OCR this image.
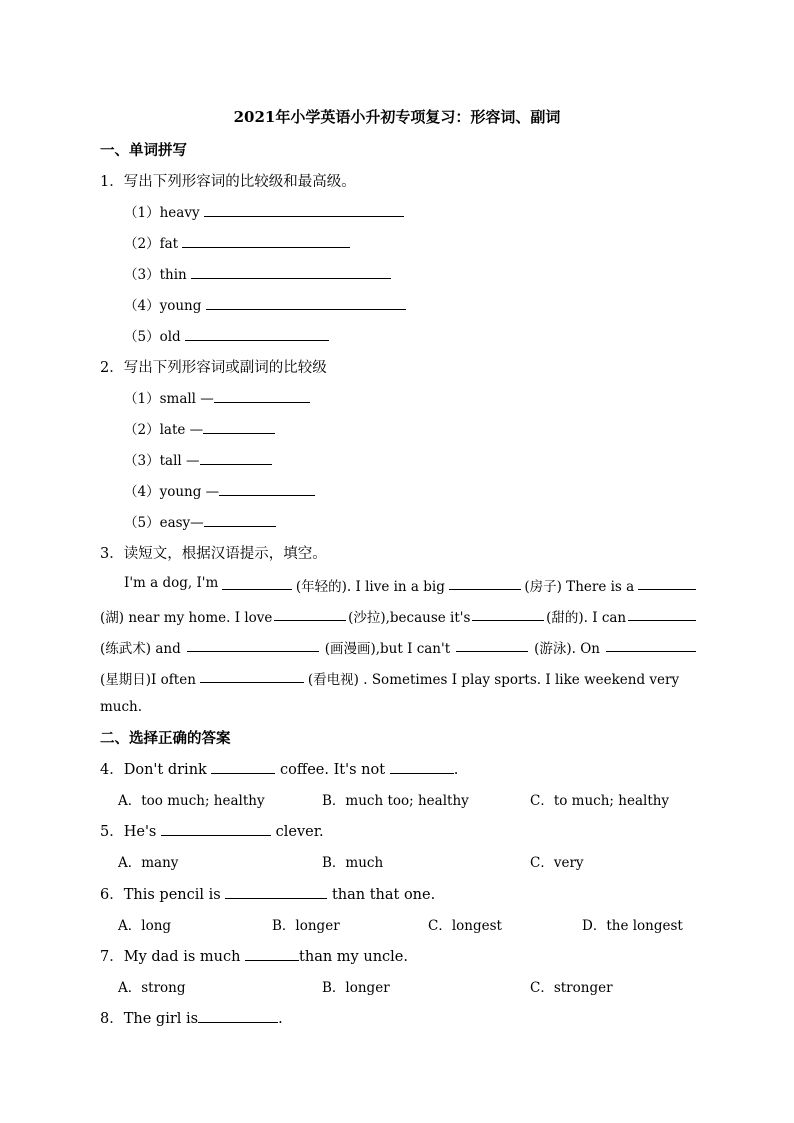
2021年小学英语小升初专项复习：形容词、副词
一、单词拼写
1．写出下列形容词的比较级和最高级。
（1）heavy
（2）fat
（3）thin
（4）young
（5）old
2．写出下列形容词或副词的比较级
（1）small —
（2）late —
（3）tall —
（4）young —
（5）easy—
3．读短文，根据汉语提示，填空。
I'm a dog, I'm	(年轻的). I live in a big	(房子) There is a
(湖) near my home. I love	(沙拉),because it's	(甜的). I can
(练武术) and	(画漫画),but I can't	(游泳). On
(星期日)I often	(看电视) . Sometimes I play sports. I like weekend very
much.
二、选择正确的答案
4．Don't drink	coffee. It's not	.
A．too much; healthy	B．much too; healthy	C．to much; healthy
5．He's	clever.
A．many	B．much	C．very
6．This pencil is	than that one.
A．long	B．longer	C．longest	D．the longest
7．My dad is much	than my uncle.
A．strong	B．longer	C．stronger
8．The girl is	.
